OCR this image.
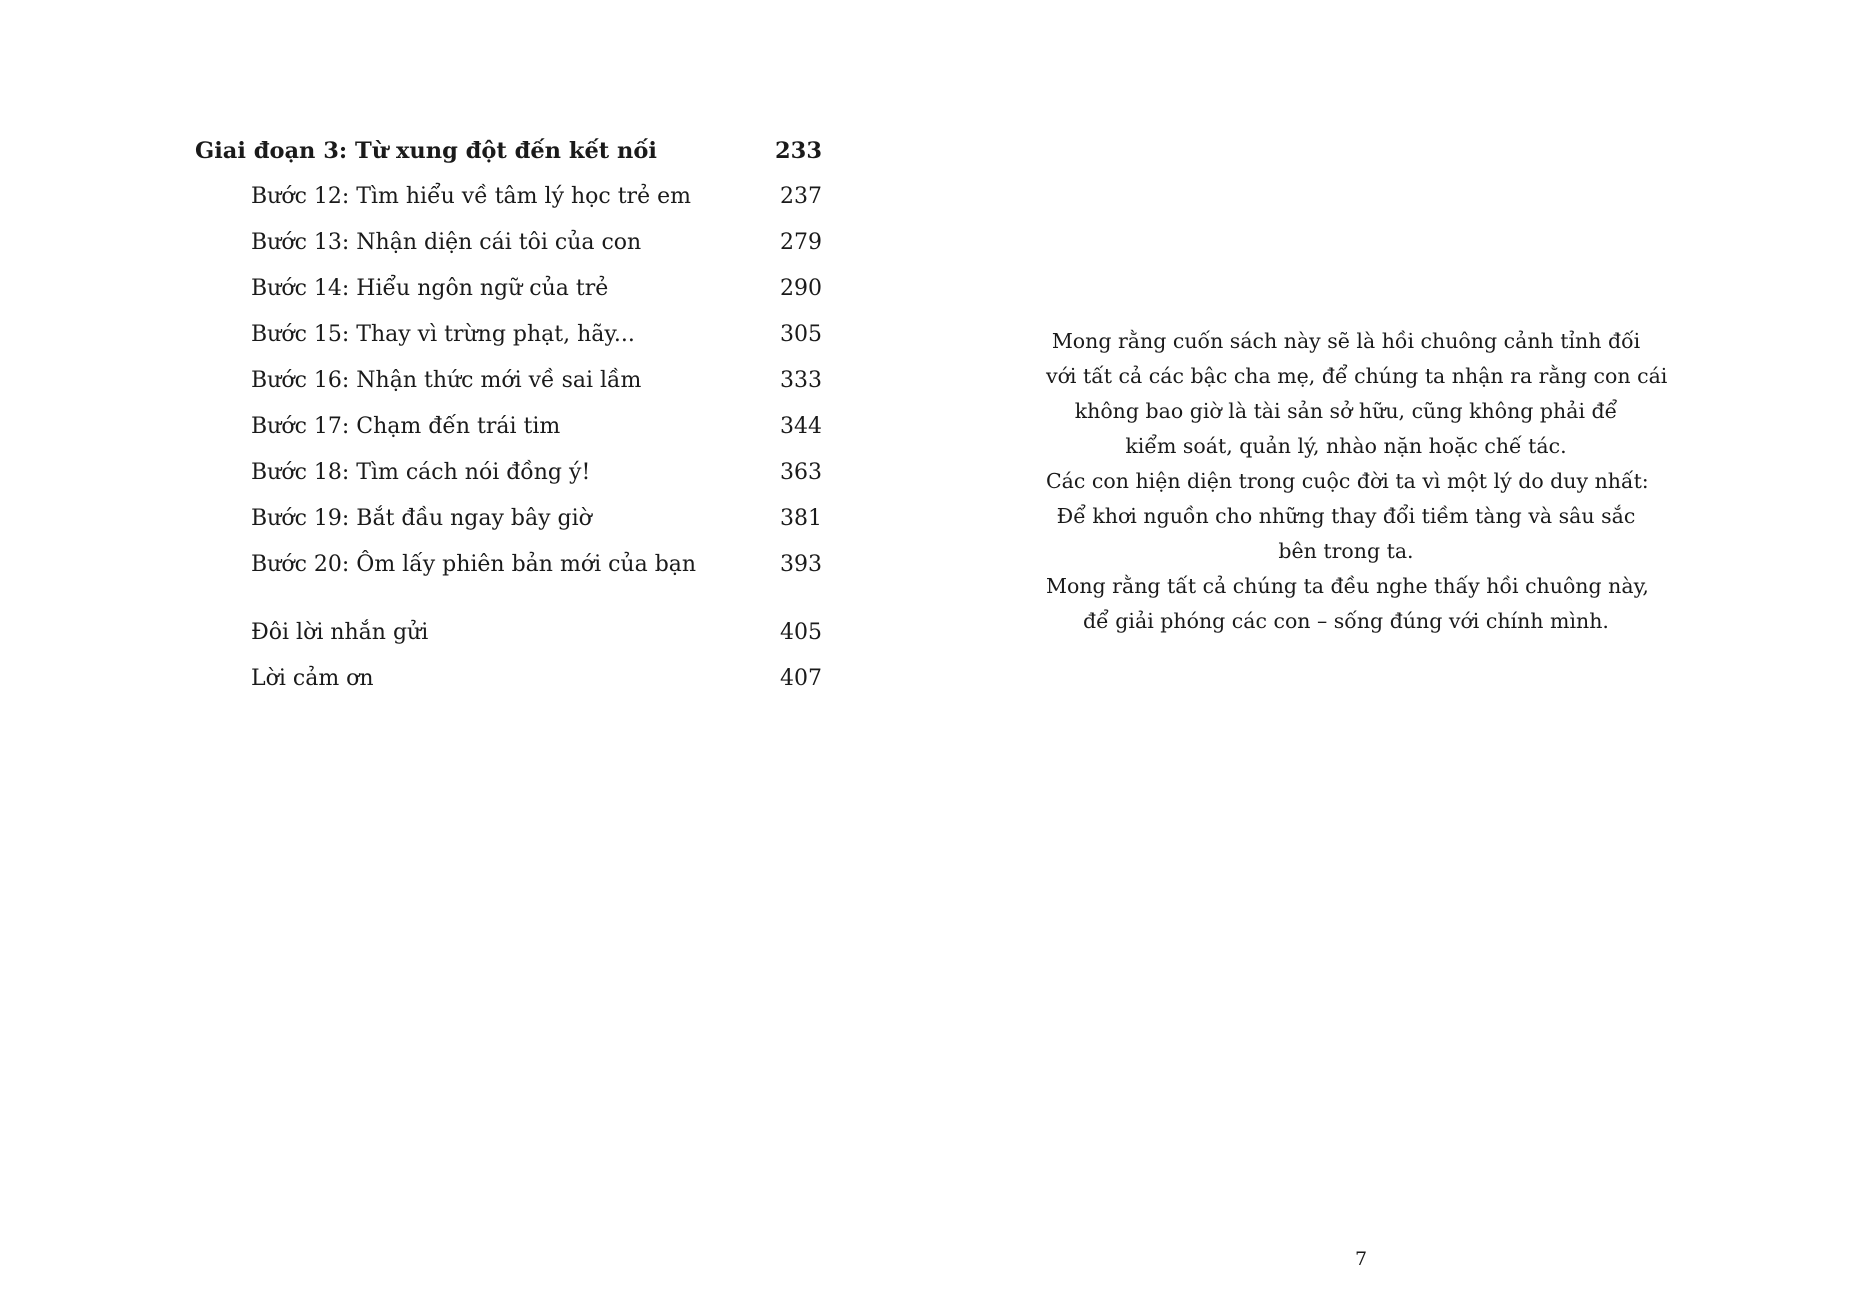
Giai đoạn 3: Từ xung đột đến kết nối	233
Bước 12: Tìm hiểu về tâm lý học trẻ em	237
Bước 13: Nhận diện cái tôi của con	279
Bước 14: Hiểu ngôn ngữ của trẻ	290
Bước 15: Thay vì trừng phạt, hãy...	305
Bước 16: Nhận thức mới về sai lầm	333
Bước 17: Chạm đến trái tim	344
Bước 18: Tìm cách nói đồng ý!	363
Bước 19: Bắt đầu ngay bây giờ	381
Bước 20: Ôm lấy phiên bản mới của bạn	393
Đôi lời nhắn gửi	405
Lời cảm ơn	407
Mong rằng cuốn sách này sẽ là hồi chuông cảnh tỉnh đối
với tất cả các bậc cha mẹ, để chúng ta nhận ra rằng con cái
không bao giờ là tài sản sở hữu, cũng không phải để
kiểm soát, quản lý, nhào nặn hoặc chế tác.
Các con hiện diện trong cuộc đời ta vì một lý do duy nhất:
Để khơi nguồn cho những thay đổi tiềm tàng và sâu sắc
bên trong ta.
Mong rằng tất cả chúng ta đều nghe thấy hồi chuông này,
để giải phóng các con – sống đúng với chính mình.
7
